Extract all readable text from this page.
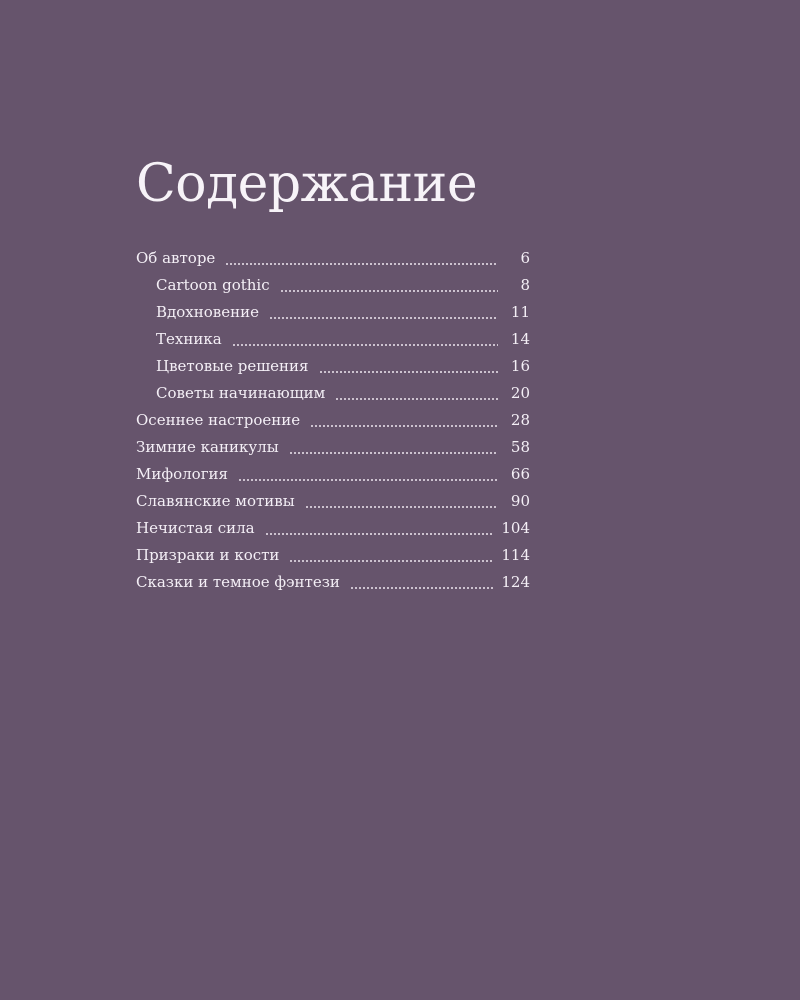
Содержание
Об авторе	6
Cartoon gothic	8
Вдохновение	11
Техника	14
Цветовые решения	16
Советы начинающим	20
Осеннее настроение	28
Зимние каникулы	58
Мифология	66
Славянские мотивы	90
Нечистая сила	104
Призраки и кости	114
Сказки и темное фэнтези	124
